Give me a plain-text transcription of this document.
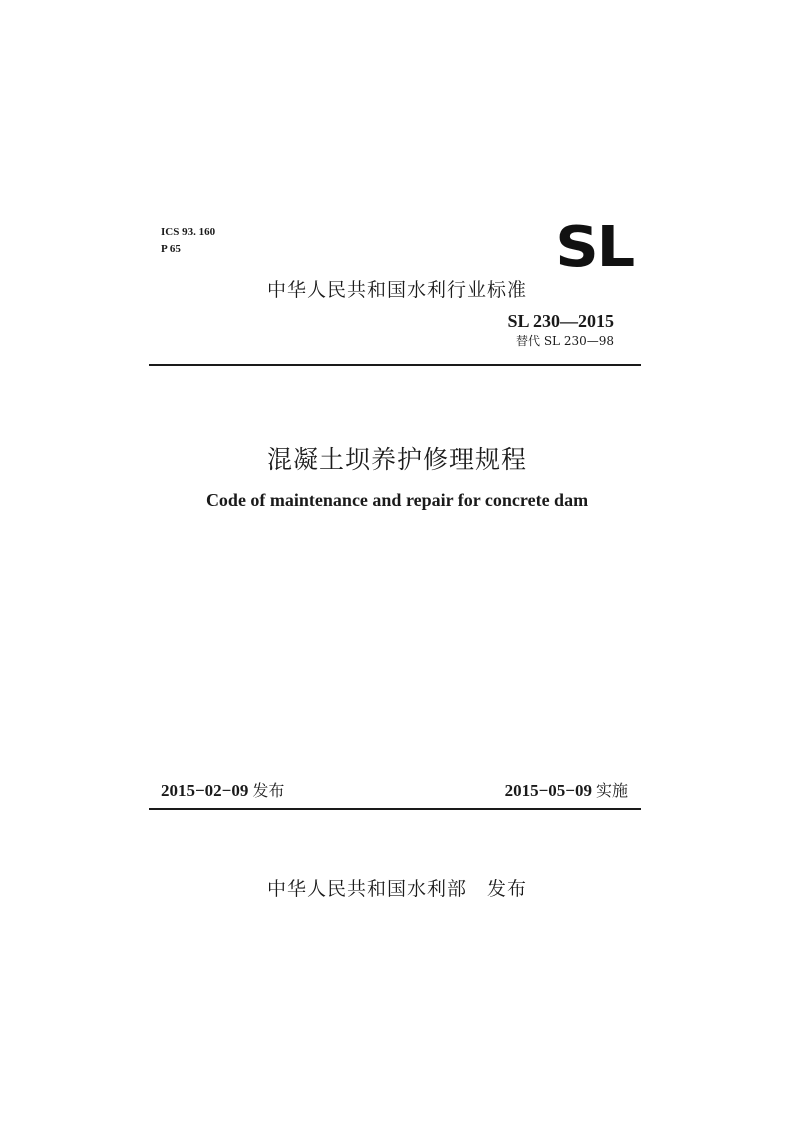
ICS 93. 160
P 65	SL
中华人民共和国水利行业标准
SL 230—2015
替代 SL 230—98
混凝土坝养护修理规程
Code of maintenance and repair for concrete dam
2015−02−09 发布	2015−05−09 实施
中华人民共和国水利部 发布
